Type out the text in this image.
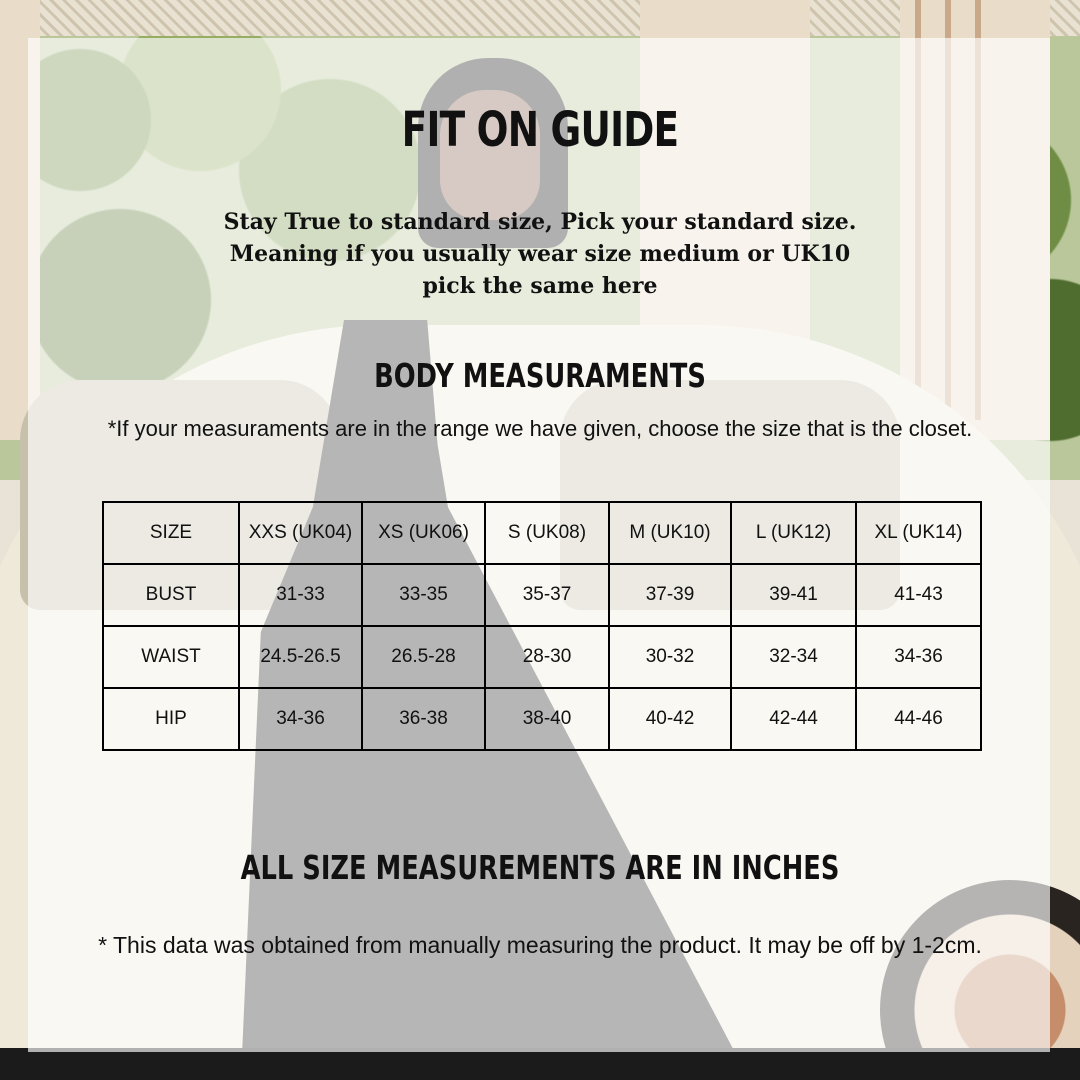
FIT ON GUIDE

Stay True to standard size, Pick your standard size.
Meaning if you usually wear size medium or UK10
pick the same here

BODY MEASURAMENTS

*If your measuraments are in the range we have given, choose the size that is the closet.

SIZE	XXS (UK04)	XS (UK06)	S (UK08)	M (UK10)	L (UK12)	XL (UK14)
BUST	31-33	33-35	35-37	37-39	39-41	41-43
WAIST	24.5-26.5	26.5-28	28-30	30-32	32-34	34-36
HIP	34-36	36-38	38-40	40-42	42-44	44-46
ALL SIZE MEASUREMENTS ARE IN INCHES

* This data was obtained from manually measuring the product. It may be off by 1-2cm.
